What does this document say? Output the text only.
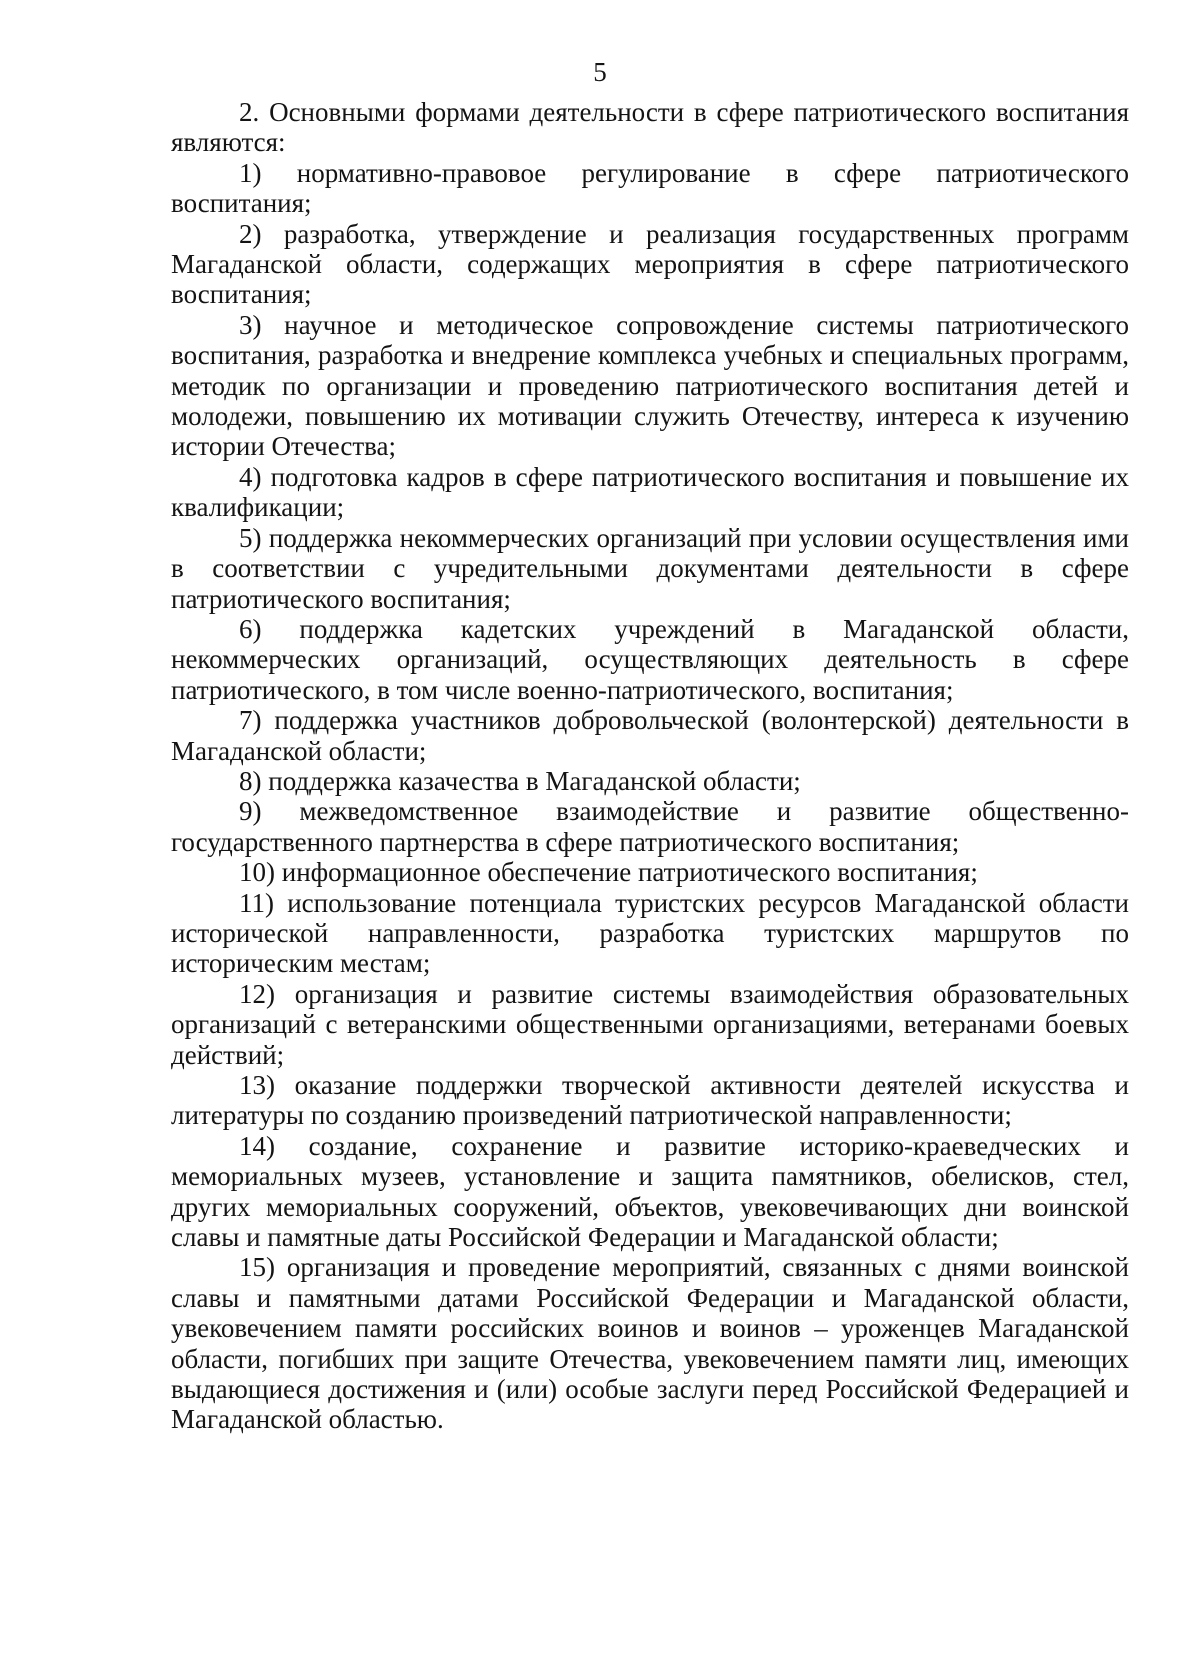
5

2. Основными формами деятельности в сфере патриотического воспитания являются:

1) нормативно-правовое регулирование в сфере патриотического воспитания;

2) разработка, утверждение и реализация государственных программ Магаданской области, содержащих мероприятия в сфере патриотического воспитания;

3) научное и методическое сопровождение системы патриотического воспитания, разработка и внедрение комплекса учебных и специальных программ, методик по организации и проведению патриотического воспитания детей и молодежи, повышению их мотивации служить Отечеству, интереса к изучению истории Отечества;

4) подготовка кадров в сфере патриотического воспитания и повышение их квалификации;

5) поддержка некоммерческих организаций при условии осуществления ими в соответствии с учредительными документами деятельности в сфере патриотического воспитания;

6) поддержка кадетских учреждений в Магаданской области, некоммерческих организаций, осуществляющих деятельность в сфере патриотического, в том числе военно-патриотического, воспитания;

7) поддержка участников добровольческой (волонтерской) деятельности в Магаданской области;

8) поддержка казачества в Магаданской области;

9) межведомственное взаимодействие и развитие общественно-государственного партнерства в сфере патриотического воспитания;

10) информационное обеспечение патриотического воспитания;

11) использование потенциала туристских ресурсов Магаданской области исторической направленности, разработка туристских маршрутов по историческим местам;

12) организация и развитие системы взаимодействия образовательных организаций с ветеранскими общественными организациями, ветеранами боевых действий;

13) оказание поддержки творческой активности деятелей искусства и литературы по созданию произведений патриотической направленности;

14) создание, сохранение и развитие историко-краеведческих и мемориальных музеев, установление и защита памятников, обелисков, стел, других мемориальных сооружений, объектов, увековечивающих дни воинской славы и памятные даты Российской Федерации и Магаданской области;

15) организация и проведение мероприятий, связанных с днями воинской славы и памятными датами Российской Федерации и Магаданской области, увековечением памяти российских воинов и воинов – уроженцев Магаданской области, погибших при защите Отечества, увековечением памяти лиц, имеющих выдающиеся достижения и (или) особые заслуги перед Российской Федерацией и Магаданской областью.
